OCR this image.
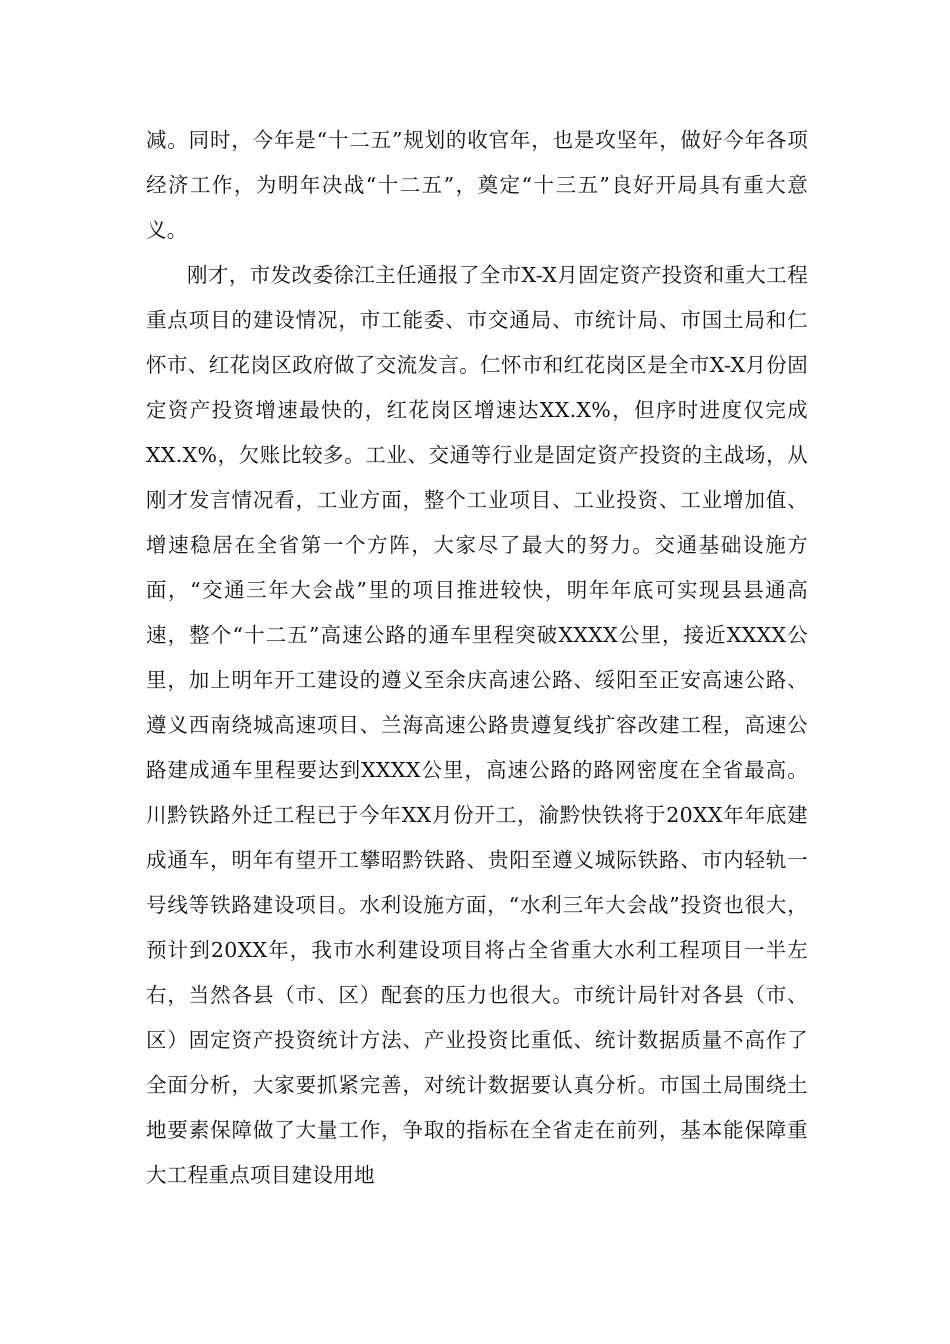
减。同时，今年是“十二五”规划的收官年，也是攻坚年，做好今年各项经济工作，为明年决战“十二五”，奠定“十三五”良好开局具有重大意义。

刚才，市发改委徐江主任通报了全市X-X月固定资产投资和重大工程重点项目的建设情况，市工能委、市交通局、市统计局、市国土局和仁怀市、红花岗区政府做了交流发言。仁怀市和红花岗区是全市X-X月份固定资产投资增速最快的，红花岗区增速达XX.X%，但序时进度仅完成XX.X%，欠账比较多。工业、交通等行业是固定资产投资的主战场，从刚才发言情况看，工业方面，整个工业项目、工业投资、工业增加值、增速稳居在全省第一个方阵，大家尽了最大的努力。交通基础设施方面，“交通三年大会战”里的项目推进较快，明年年底可实现县县通高速，整个“十二五”高速公路的通车里程突破XXXX公里，接近XXXX公里，加上明年开工建设的遵义至余庆高速公路、绥阳至正安高速公路、遵义西南绕城高速项目、兰海高速公路贵遵复线扩容改建工程，高速公路建成通车里程要达到XXXX公里，高速公路的路网密度在全省最高。川黔铁路外迁工程已于今年XX月份开工，渝黔快铁将于20XX年年底建成通车，明年有望开工攀昭黔铁路、贵阳至遵义城际铁路、市内轻轨一号线等铁路建设项目。水利设施方面，“水利三年大会战”投资也很大，预计到20XX年，我市水利建设项目将占全省重大水利工程项目一半左右，当然各县（市、区）配套的压力也很大。市统计局针对各县（市、区）固定资产投资统计方法、产业投资比重低、统计数据质量不高作了全面分析，大家要抓紧完善，对统计数据要认真分析。市国土局围绕土地要素保障做了大量工作，争取的指标在全省走在前列，基本能保障重大工程重点项目建设用地
